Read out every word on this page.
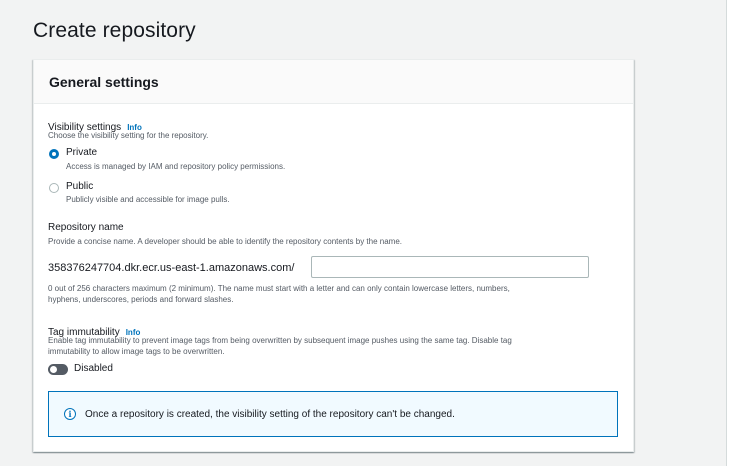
Create repository
General settings
Visibility settings Info
Choose the visibility setting for the repository.
Private
Access is managed by IAM and repository policy permissions.
Public
Publicly visible and accessible for image pulls.
Repository name
Provide a concise name. A developer should be able to identify the repository contents by the name.
358376247704.dkr.ecr.us-east-1.amazonaws.com/
0 out of 256 characters maximum (2 minimum). The name must start with a letter and can only contain lowercase letters, numbers,
hyphens, underscores, periods and forward slashes.
Tag immutability Info
Enable tag immutability to prevent image tags from being overwritten by subsequent image pushes using the same tag. Disable tag
immutability to allow image tags to be overwritten.
Disabled
i Once a repository is created, the visibility setting of the repository can't be changed.
